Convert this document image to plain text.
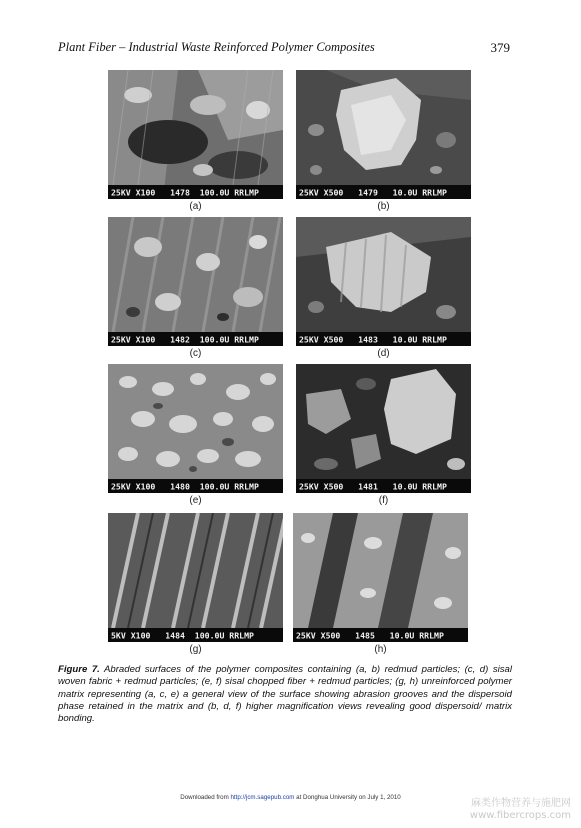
Plant Fiber – Industrial Waste Reinforced Polymer Composites	379
25KV X100   1478  100.0U RRLMP
(a)
25KV X500   1479   10.0U RRLMP
(b)
25KV X100   1482  100.0U RRLMP
(c)
25KV X500   1483   10.0U RRLMP
(d)
25KV X100   1480  100.0U RRLMP
(e)
25KV X500   1481   10.0U RRLMP
(f)
5KV X100   1484  100.0U RRLMP
(g)
25KV X500   1485   10.0U RRLMP
(h)
Figure 7. Abraded surfaces of the polymer composites containing (a, b) redmud particles; (c, d) sisal woven fabric + redmud particles; (e, f) sisal chopped fiber + redmud particles; (g, h) unreinforced polymer matrix representing (a, c, e) a general view of the surface showing abrasion grooves and the dispersoid phase retained in the matrix and (b, d, f) higher magnification views revealing good dispersoid/ matrix bonding.
Downloaded from http://jcm.sagepub.com at Donghua University on July 1, 2010
麻类作物营养与施肥网
www.fibercrops.com
